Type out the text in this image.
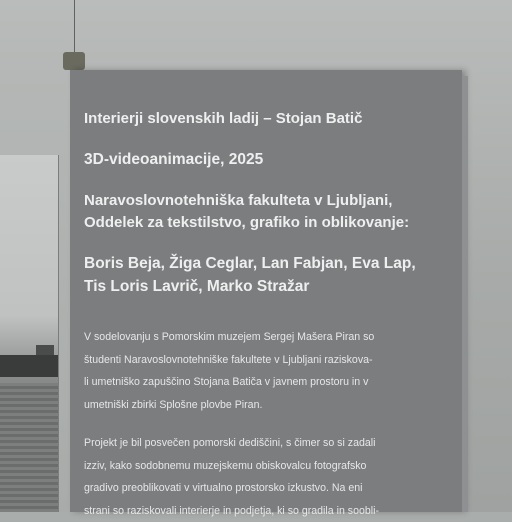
Interierji slovenskih ladij – Stojan Batič
3D-videoanimacije, 2025
Naravoslovnotehniška fakulteta v Ljubljani,
Oddelek za tekstilstvo, grafiko in oblikovanje:
Boris Beja, Žiga Ceglar, Lan Fabjan, Eva Lap,
Tis Loris Lavrič, Marko Stražar
V sodelovanju s Pomorskim muzejem Sergej Mašera Piran so
študenti Naravoslovnotehniške fakultete v Ljubljani raziskova-
li umetniško zapuščino Stojana Batiča v javnem prostoru in v
umetniški zbirki Splošne plovbe Piran.
Projekt je bil posvečen pomorski dediščini, s čimer so si zadali
izziv, kako sodobnemu muzejskemu obiskovalcu fotografsko
gradivo preoblikovati v virtualno prostorsko izkustvo. Na eni
strani so raziskovali interierje in podjetja, ki so gradila in soobli-
